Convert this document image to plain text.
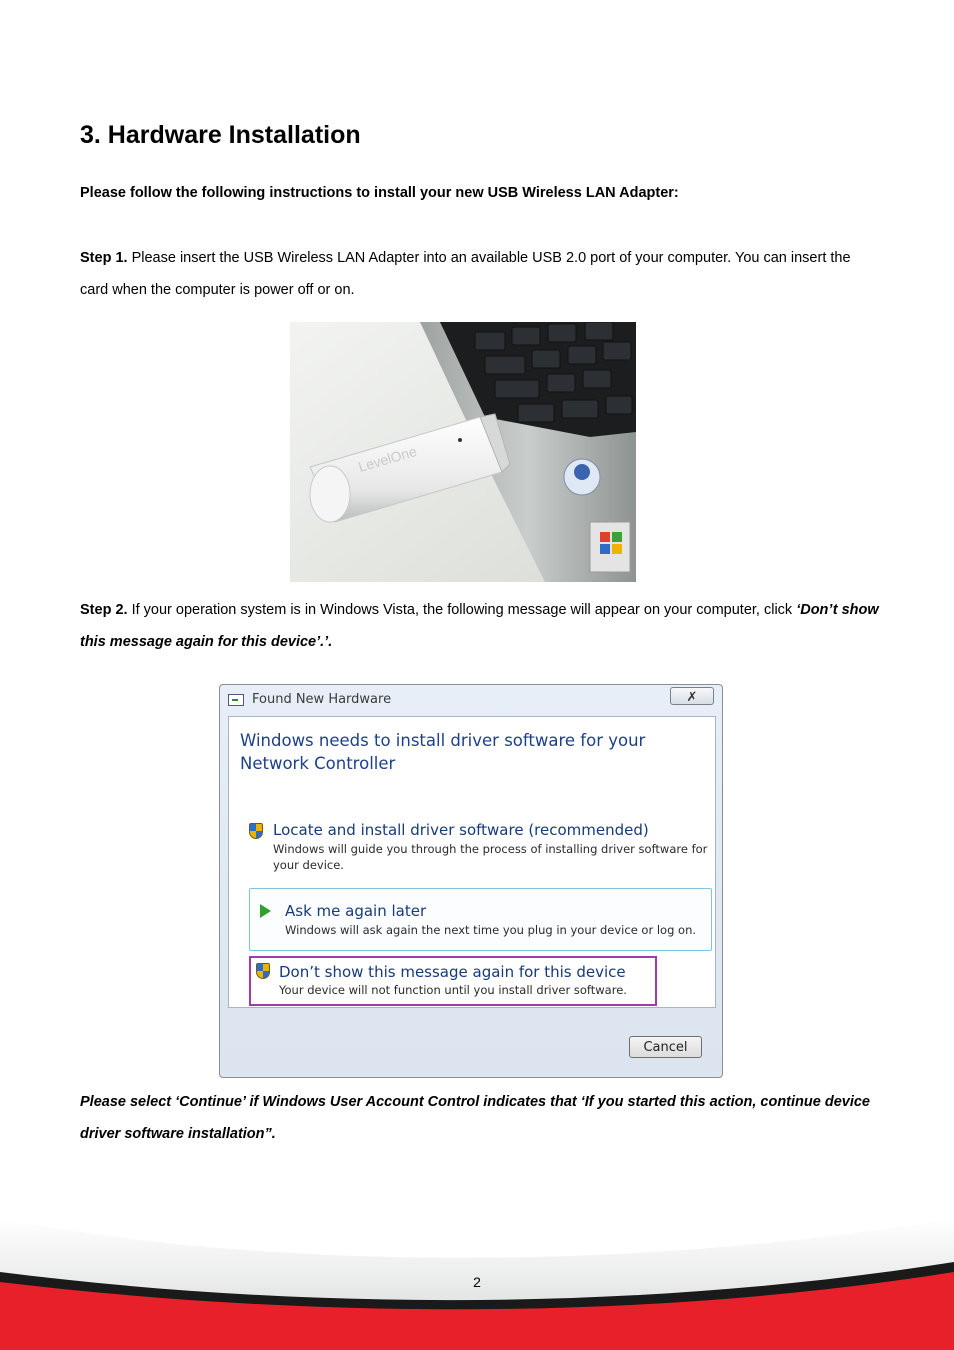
3. Hardware Installation
Please follow the following instructions to install your new USB Wireless LAN Adapter:
Step 1. Please insert the USB Wireless LAN Adapter into an available USB 2.0 port of your computer. You can insert the card when the computer is power off or on.
LevelOne
Step 2. If your operation system is in Windows Vista, the following message will appear on your computer, click ‘Don’t show this message again for this device’.’.
Found New Hardware	✗
Windows needs to install driver software for your Network Controller
Locate and install driver software (recommended)
Windows will guide you through the process of installing driver software for your device.
Ask me again later
Windows will ask again the next time you plug in your device or log on.
Don’t show this message again for this device
Your device will not function until you install driver software.
Cancel
Please select ‘Continue’ if Windows User Account Control indicates that ‘If you started this action, continue device driver software installation”.
2
